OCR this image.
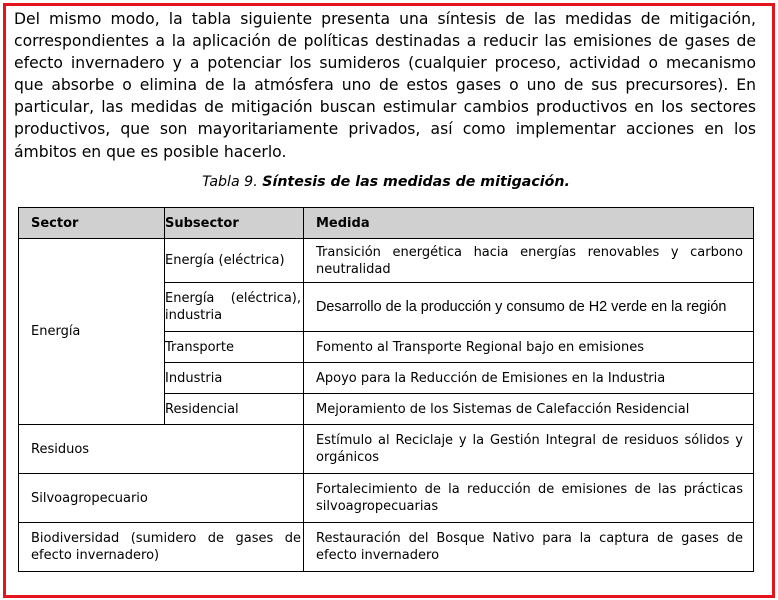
Del mismo modo, la tabla siguiente presenta una síntesis de las medidas de mitigación, correspondientes a la aplicación de políticas destinadas a reducir las emisiones de gases de efecto invernadero y a potenciar los sumideros (cualquier proceso, actividad o mecanismo que absorbe o elimina de la atmósfera uno de estos gases o uno de sus precursores). En particular, las medidas de mitigación buscan estimular cambios productivos en los sectores productivos, que son mayoritariamente privados, así como implementar acciones en los ámbitos en que es posible hacerlo.

Tabla 9. Síntesis de las medidas de mitigación.

Sector	Subsector	Medida
Energía	Energía (eléctrica)	Transición energética hacia energías renovables y carbono neutralidad
	Energía (eléctrica), industria	Desarrollo de la producción y consumo de H2 verde en la región
	Transporte	Fomento al Transporte Regional bajo en emisiones
	Industria	Apoyo para la Reducción de Emisiones en la Industria
	Residencial	Mejoramiento de los Sistemas de Calefacción Residencial
Residuos		Estímulo al Reciclaje y la Gestión Integral de residuos sólidos y orgánicos
Silvoagropecuario		Fortalecimiento de la reducción de emisiones de las prácticas silvoagropecuarias
Biodiversidad (sumidero de gases de efecto invernadero)		Restauración del Bosque Nativo para la captura de gases de efecto invernadero
